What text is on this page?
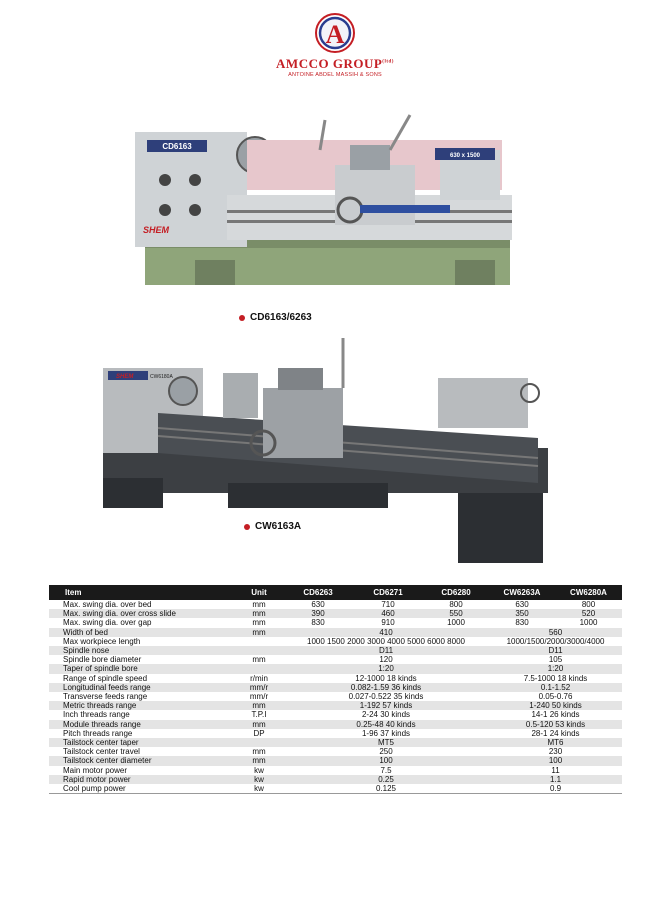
A
AMCCO $GROUP^{(ltd)}$
ANTOINE ABDEL MASSIH & SONS
CD6163
SHEM
630 x 1500
CD6163/6263
SHEM	CW6180A
CW6163A
Item	Unit	CD6263	CD6271	CD6280	CW6263A	CW6280A
Max. swing dia. over bed	mm	630	710	800	630	800
Max. swing dia. over cross slide	mm	390	460	550	350	520
Max. swing dia. over gap	mm	830	910	1000	830	1000
Width of bed	mm	410			560	
Max workpiece length		1000 1500 2000 3000 4000 5000 6000 8000			1000/1500/2000/3000/4000	
Spindle nose		D11			D11	
Spindle bore diameter	mm	120			105	
Taper of spindle bore		1:20			1:20	
Range of spindle speed	r/min	12-1000 18 kinds			7.5-1000 18 kinds	
Longitudinal feeds range	mm/r	0.082-1.59 36 kinds			0.1-1.52	
Transverse feeds range	mm/r	0.027-0.522 35 kinds			0.05-0.76	
Metric threads range	mm	1-192 57 kinds			1-240 50 kinds	
Inch threads range	T.P.I	2-24 30 kinds			14-1 26 kinds	
Module threads range	mm	0.25-48 40 kinds			0.5-120 53 kinds	
Pitch threads range	DP	1-96 37 kinds			28-1 24 kinds	
Tailstock center taper		MT5			MT6	
Tailstock center travel	mm	250			230	
Tailstock center diameter	mm	100			100	
Main motor power	kw	7.5			11	
Rapid motor power	kw	0.25			1.1	
Cool pump power	kw	0.125			0.9	
